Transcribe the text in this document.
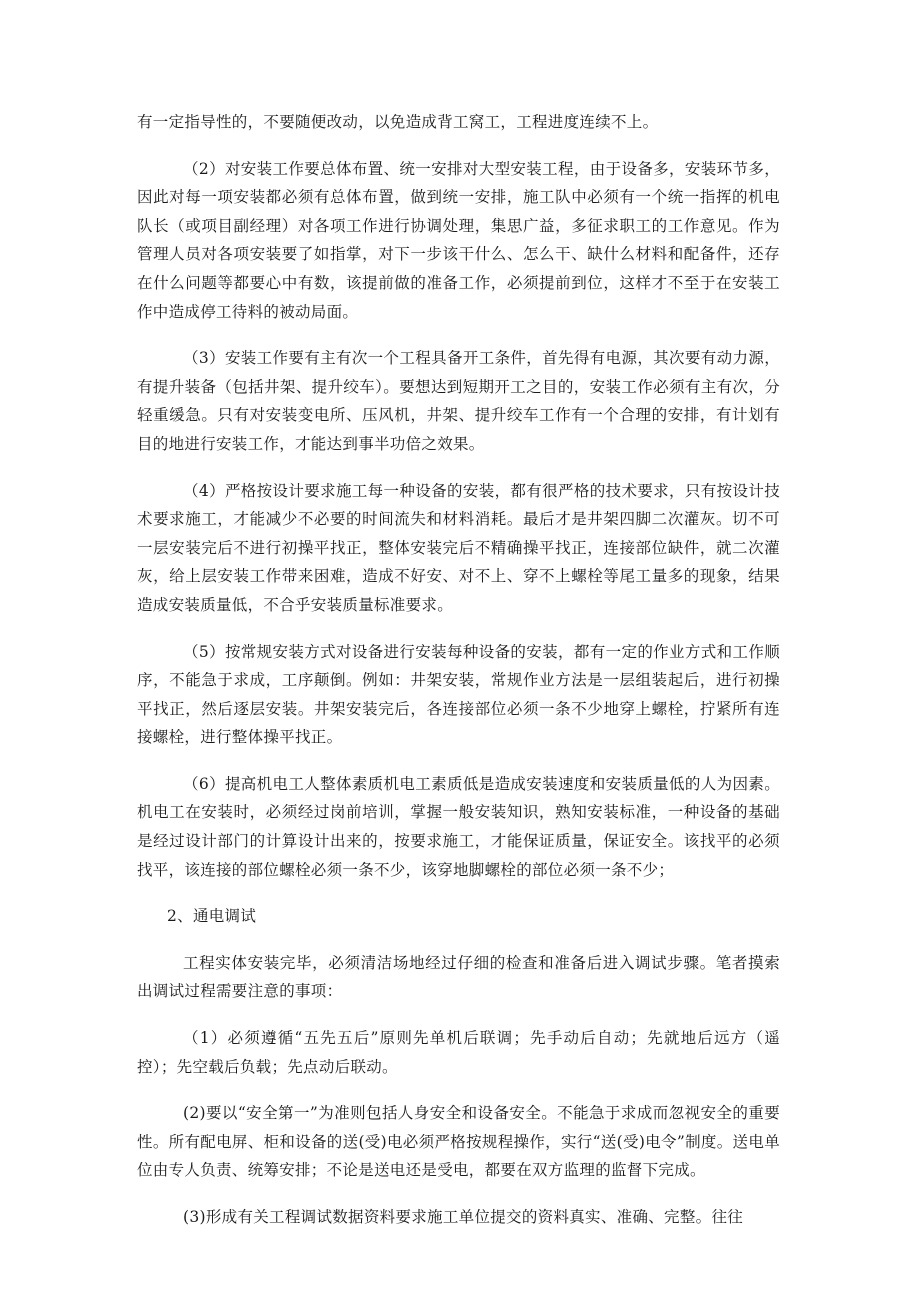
有一定指导性的，不要随便改动，以免造成背工窝工，工程进度连续不上。

（2）对安装工作要总体布置、统一安排对大型安装工程，由于设备多，安装环节多，因此对每一项安装都必须有总体布置，做到统一安排，施工队中必须有一个统一指挥的机电队长（或项目副经理）对各项工作进行协调处理，集思广益，多征求职工的工作意见。作为管理人员对各项安装要了如指掌，对下一步该干什么、怎么干、缺什么材料和配备件，还存在什么问题等都要心中有数，该提前做的准备工作，必须提前到位，这样才不至于在安装工作中造成停工待料的被动局面。

（3）安装工作要有主有次一个工程具备开工条件，首先得有电源，其次要有动力源，有提升装备（包括井架、提升绞车）。要想达到短期开工之目的，安装工作必须有主有次，分轻重缓急。只有对安装变电所、压风机，井架、提升绞车工作有一个合理的安排，有计划有目的地进行安装工作，才能达到事半功倍之效果。

（4）严格按设计要求施工每一种设备的安装，都有很严格的技术要求，只有按设计技术要求施工，才能减少不必要的时间流失和材料消耗。最后才是井架四脚二次灌灰。切不可一层安装完后不进行初操平找正，整体安装完后不精确操平找正，连接部位缺件，就二次灌灰，给上层安装工作带来困难，造成不好安、对不上、穿不上螺栓等尾工量多的现象，结果造成安装质量低，不合乎安装质量标准要求。

（5）按常规安装方式对设备进行安装每种设备的安装，都有一定的作业方式和工作顺序，不能急于求成，工序颠倒。例如：井架安装，常规作业方法是一层组装起后，进行初操平找正，然后逐层安装。井架安装完后，各连接部位必须一条不少地穿上螺栓，拧紧所有连接螺栓，进行整体操平找正。

（6）提高机电工人整体素质机电工素质低是造成安装速度和安装质量低的人为因素。机电工在安装时，必须经过岗前培训，掌握一般安装知识，熟知安装标准，一种设备的基础是经过设计部门的计算设计出来的，按要求施工，才能保证质量，保证安全。该找平的必须找平，该连接的部位螺栓必须一条不少，该穿地脚螺栓的部位必须一条不少；

2、通电调试

工程实体安装完毕，必须清洁场地经过仔细的检查和准备后进入调试步骤。笔者摸索出调试过程需要注意的事项：

（1）必须遵循“五先五后”原则先单机后联调；先手动后自动；先就地后远方（遥控）；先空载后负载；先点动后联动。

(2)要以“安全第一”为准则包括人身安全和设备安全。不能急于求成而忽视安全的重要性。所有配电屏、柜和设备的送(受)电必须严格按规程操作，实行“送(受)电令”制度。送电单位由专人负责、统筹安排；不论是送电还是受电，都要在双方监理的监督下完成。

(3)形成有关工程调试数据资料要求施工单位提交的资料真实、准确、完整。往往
